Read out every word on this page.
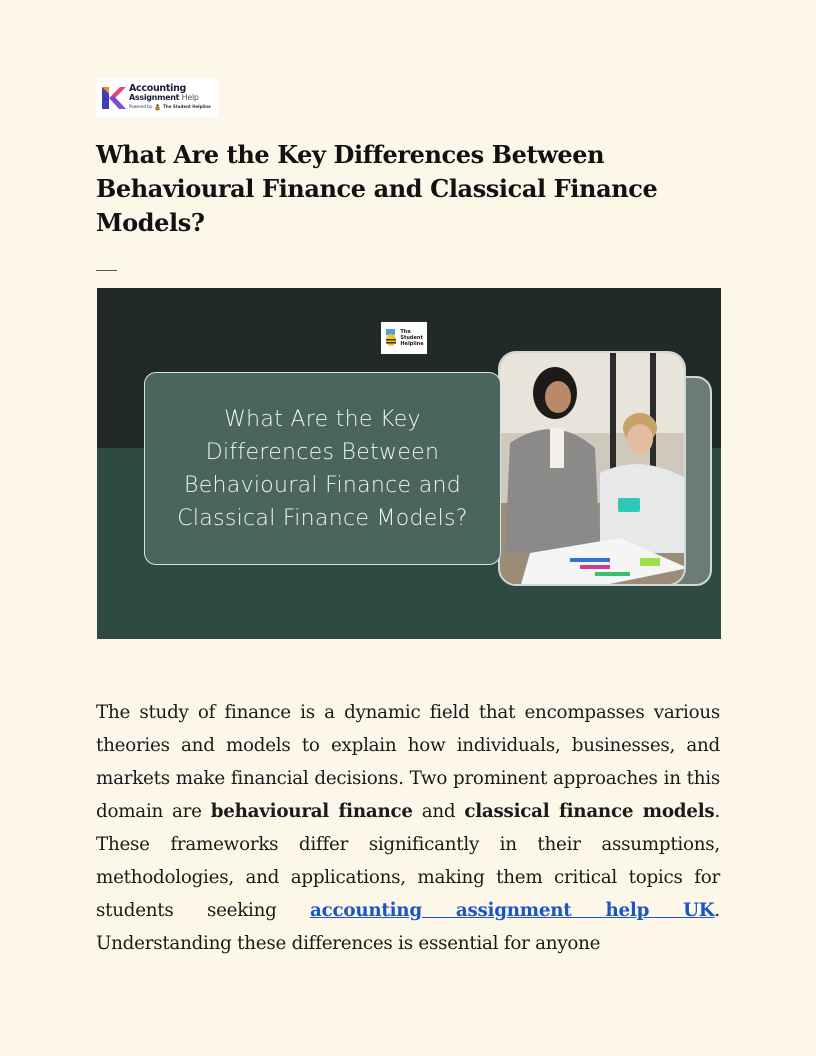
Accounting
Assignment Help
Powered by	The Student Helpline
What Are the Key Differences Between Behavioural Finance and Classical Finance Models?
The
Student
Helpline
What Are the Key Differences Between Behavioural Finance and Classical Finance Models?

The study of finance is a dynamic field that encompasses various theories and models to explain how individuals, businesses, and markets make financial decisions. Two prominent approaches in this domain are behavioural finance and classical finance models. These frameworks differ significantly in their assumptions, methodologies, and applications, making them critical topics for students seeking accounting assignment help UK. Understanding these differences is essential for anyone
